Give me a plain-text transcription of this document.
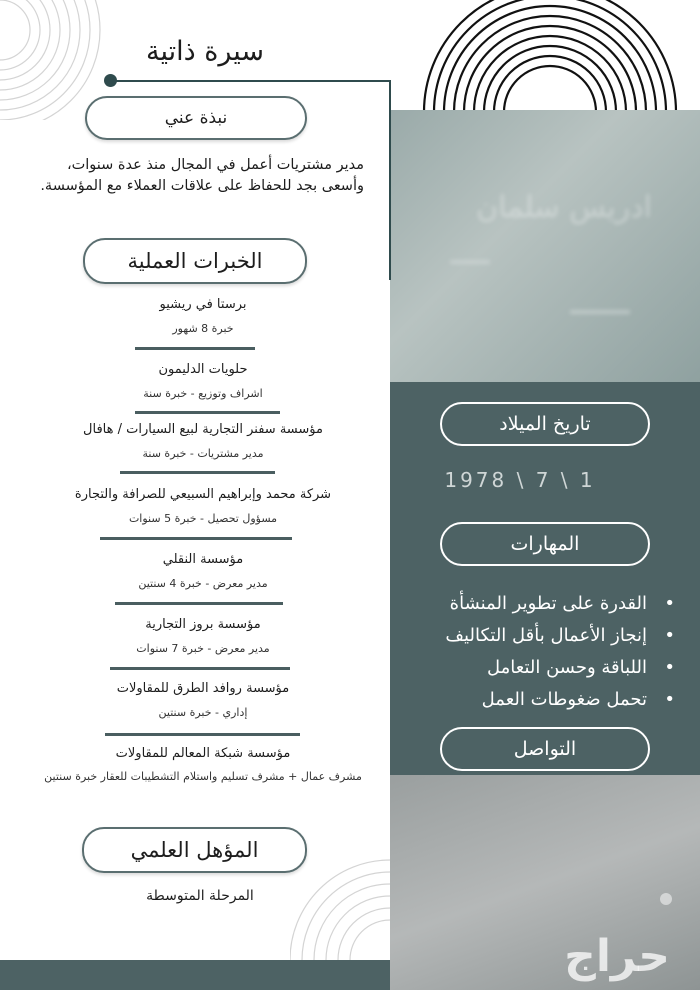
ادريس سلمان
تاريخ الميلاد
1978 \ 7 \ 1
المهارات
• القدرة على تطوير المنشأة
• إنجاز الأعمال بأقل التكاليف
• اللباقة وحسن التعامل
• تحمل ضغوطات العمل
التواصل
حراج
سيرة ذاتية
نبذة عني
مدير مشتريات أعمل في المجال منذ عدة سنوات، وأسعى بجد للحفاظ على علاقات العملاء مع المؤسسة.
الخبرات العملية
برستا في ريشيو
خبرة 8 شهور
حلويات الدليمون
اشراف وتوزيع - خبرة سنة
مؤسسة سفنر التجارية لبيع السيارات / هافال
مدير مشتريات - خبرة سنة
شركة محمد وإبراهيم السبيعي للصرافة والتجارة
مسؤول تحصيل - خبرة 5 سنوات
مؤسسة النقلي
مدير معرض - خبرة 4 سنتين
مؤسسة بروز التجارية
مدير معرض - خبرة 7 سنوات
مؤسسة روافد الطرق للمقاولات
إداري - خبرة سنتين
مؤسسة شبكة المعالم للمقاولات
مشرف عمال + مشرف تسليم واستلام التشطيبات للعقار خبرة سنتين
المؤهل العلمي
المرحلة المتوسطة
